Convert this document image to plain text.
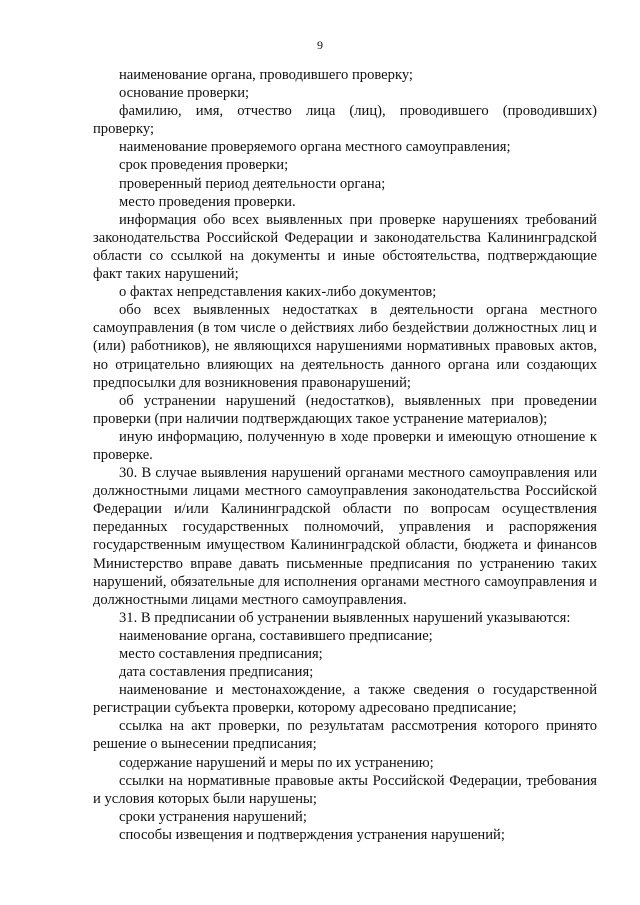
9

наименование органа, проводившего проверку;

основание проверки;

фамилию, имя, отчество лица (лиц), проводившего (проводивших) проверку;

наименование проверяемого органа местного самоуправления;

срок проведения проверки;

проверенный период деятельности органа;

место проведения проверки.

информация обо всех выявленных при проверке нарушениях требований законодательства Российской Федерации и законодательства Калининградской области со ссылкой на документы и иные обстоятельства, подтверждающие факт таких нарушений;

о фактах непредставления каких-либо документов;

обо всех выявленных недостатках в деятельности органа местного самоуправления (в том числе о действиях либо бездействии должностных лиц и (или) работников), не являющихся нарушениями нормативных правовых актов, но отрицательно влияющих на деятельность данного органа или создающих предпосылки для возникновения правонарушений;

об устранении нарушений (недостатков), выявленных при проведении проверки (при наличии подтверждающих такое устранение материалов);

иную информацию, полученную в ходе проверки и имеющую отношение к проверке.

30. В случае выявления нарушений органами местного самоуправления или должностными лицами местного самоуправления законодательства Российской Федерации и/или Калининградской области по вопросам осуществления переданных государственных полномочий, управления и распоряжения государственным имуществом Калининградской области, бюджета и финансов Министерство вправе давать письменные предписания по устранению таких нарушений, обязательные для исполнения органами местного самоуправления и должностными лицами местного самоуправления.

31. В предписании об устранении выявленных нарушений указываются:

наименование органа, составившего предписание;

место составления предписания;

дата составления предписания;

наименование и местонахождение, а также сведения о государственной регистрации субъекта проверки, которому адресовано предписание;

ссылка на акт проверки, по результатам рассмотрения которого принято решение о вынесении предписания;

содержание нарушений и меры по их устранению;

ссылки на нормативные правовые акты Российской Федерации, требования и условия которых были нарушены;

сроки устранения нарушений;

способы извещения и подтверждения устранения нарушений;
